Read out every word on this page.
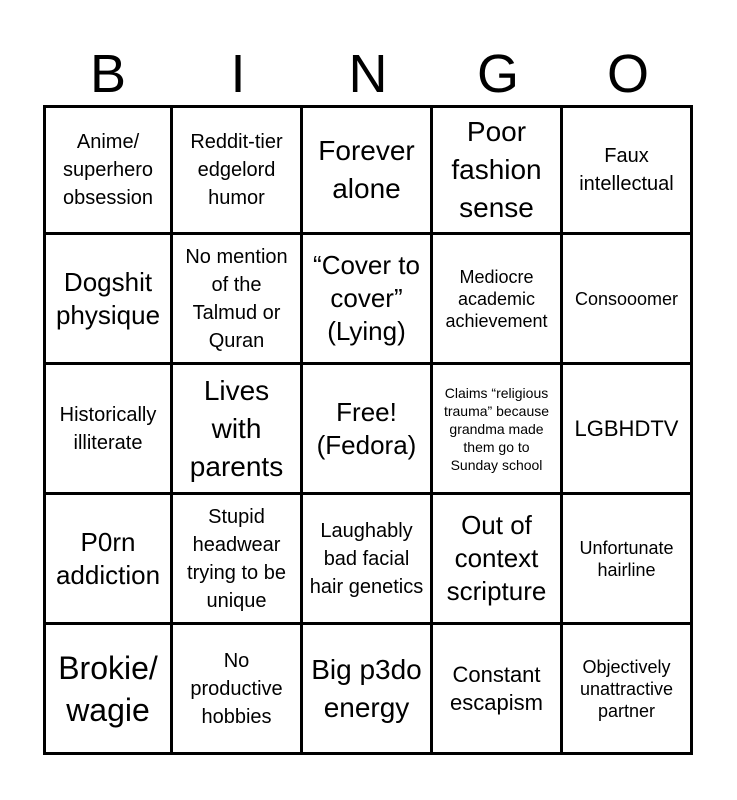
B	I	N	G	O
Anime/ superhero obsession
Reddit-tier edgelord humor
Forever alone
Poor fashion sense
Faux intellectual
Dogshit physique
No mention of the Talmud or Quran
“Cover to cover” (Lying)
Mediocre academic achievement
Consooomer
Historically illiterate
Lives with parents
Free! (Fedora)
Claims “religious trauma” because grandma made them go to Sunday school
LGBHDTV
P0rn addiction
Stupid headwear trying to be unique
Laughably bad facial hair genetics
Out of context scripture
Unfortunate hairline
Brokie/ wagie
No productive hobbies
Big p3do energy
Constant escapism
Objectively unattractive partner
